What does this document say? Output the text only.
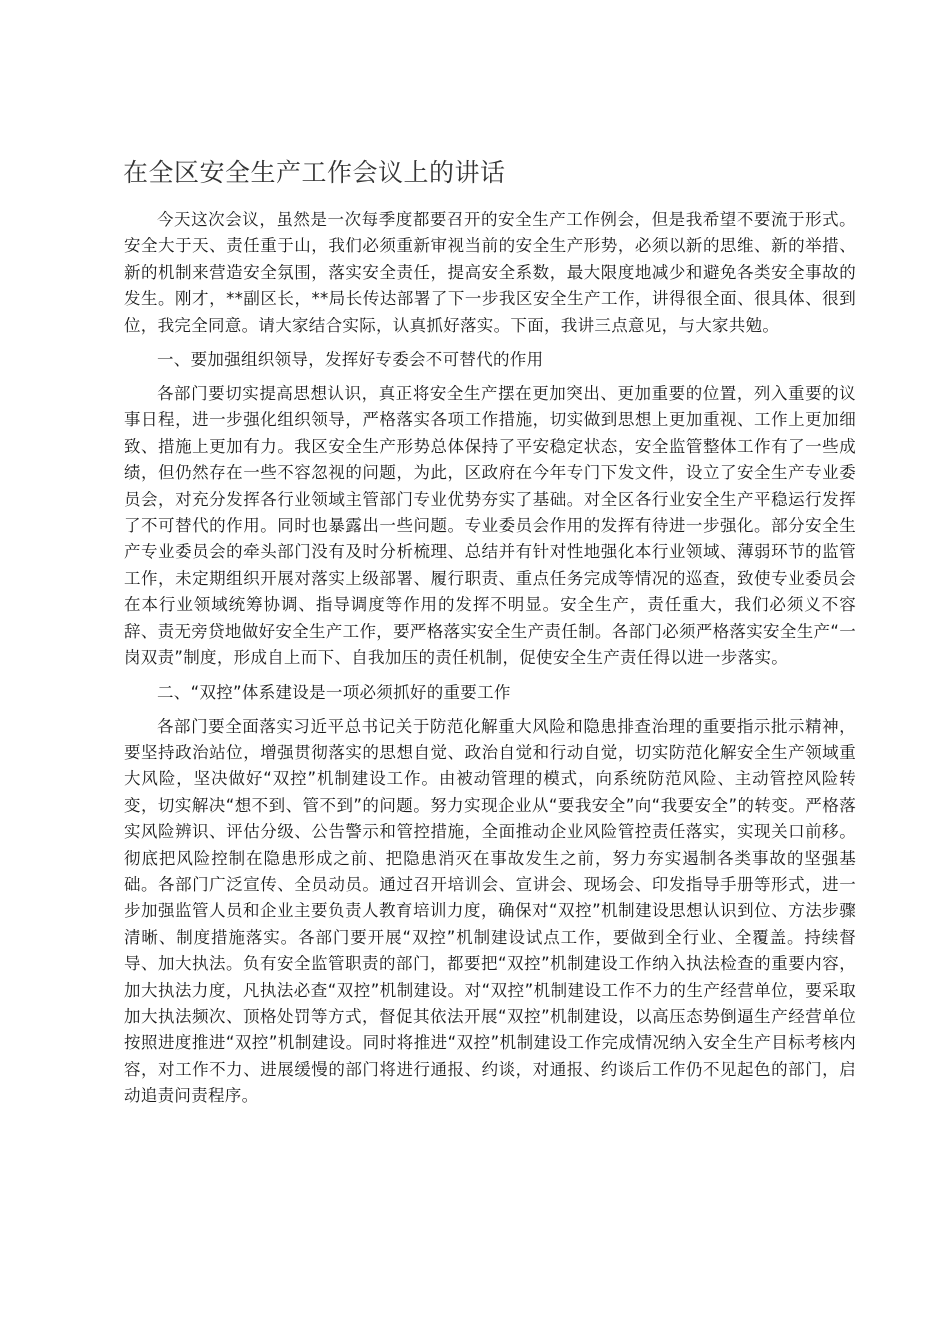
在全区安全生产工作会议上的讲话

今天这次会议，虽然是一次每季度都要召开的安全生产工作例会，但是我希望不要流于形式。安全大于天、责任重于山，我们必须重新审视当前的安全生产形势，必须以新的思维、新的举措、新的机制来营造安全氛围，落实安全责任，提高安全系数，最大限度地减少和避免各类安全事故的发生。刚才，**副区长，**局长传达部署了下一步我区安全生产工作，讲得很全面、很具体、很到位，我完全同意。请大家结合实际，认真抓好落实。下面，我讲三点意见，与大家共勉。

一、要加强组织领导，发挥好专委会不可替代的作用

各部门要切实提高思想认识，真正将安全生产摆在更加突出、更加重要的位置，列入重要的议事日程，进一步强化组织领导，严格落实各项工作措施，切实做到思想上更加重视、工作上更加细致、措施上更加有力。我区安全生产形势总体保持了平安稳定状态，安全监管整体工作有了一些成绩，但仍然存在一些不容忽视的问题，为此，区政府在今年专门下发文件，设立了安全生产专业委员会，对充分发挥各行业领域主管部门专业优势夯实了基础。对全区各行业安全生产平稳运行发挥了不可替代的作用。同时也暴露出一些问题。专业委员会作用的发挥有待进一步强化。部分安全生产专业委员会的牵头部门没有及时分析梳理、总结并有针对性地强化本行业领域、薄弱环节的监管工作，未定期组织开展对落实上级部署、履行职责、重点任务完成等情况的巡查，致使专业委员会在本行业领域统筹协调、指导调度等作用的发挥不明显。安全生产，责任重大，我们必须义不容辞、责无旁贷地做好安全生产工作，要严格落实安全生产责任制。各部门必须严格落实安全生产“一岗双责”制度，形成自上而下、自我加压的责任机制，促使安全生产责任得以进一步落实。

二、“双控”体系建设是一项必须抓好的重要工作

各部门要全面落实习近平总书记关于防范化解重大风险和隐患排查治理的重要指示批示精神，要坚持政治站位，增强贯彻落实的思想自觉、政治自觉和行动自觉，切实防范化解安全生产领域重大风险，坚决做好“双控”机制建设工作。由被动管理的模式，向系统防范风险、主动管控风险转变，切实解决“想不到、管不到”的问题。努力实现企业从“要我安全”向“我要安全”的转变。严格落实风险辨识、评估分级、公告警示和管控措施，全面推动企业风险管控责任落实，实现关口前移。彻底把风险控制在隐患形成之前、把隐患消灭在事故发生之前，努力夯实遏制各类事故的坚强基础。各部门广泛宣传、全员动员。通过召开培训会、宣讲会、现场会、印发指导手册等形式，进一步加强监管人员和企业主要负责人教育培训力度，确保对“双控”机制建设思想认识到位、方法步骤清晰、制度措施落实。各部门要开展“双控”机制建设试点工作，要做到全行业、全覆盖。持续督导、加大执法。负有安全监管职责的部门，都要把“双控”机制建设工作纳入执法检查的重要内容，加大执法力度，凡执法必查“双控”机制建设。对“双控”机制建设工作不力的生产经营单位，要采取加大执法频次、顶格处罚等方式，督促其依法开展“双控”机制建设，以高压态势倒逼生产经营单位按照进度推进“双控”机制建设。同时将推进“双控”机制建设工作完成情况纳入安全生产目标考核内容，对工作不力、进展缓慢的部门将进行通报、约谈，对通报、约谈后工作仍不见起色的部门，启动追责问责程序。
